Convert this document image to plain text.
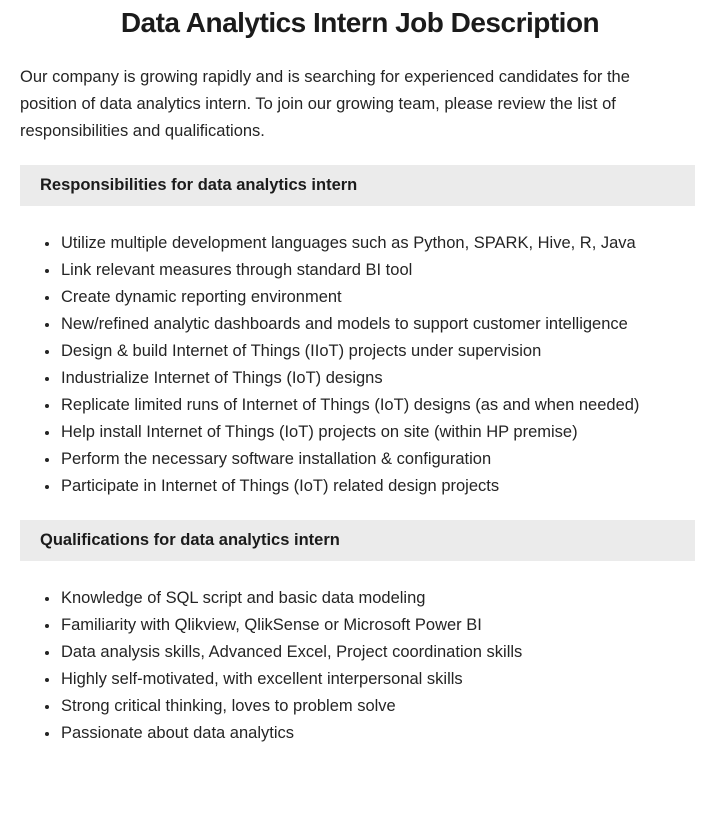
Data Analytics Intern Job Description

Our company is growing rapidly and is searching for experienced candidates for the position of data analytics intern. To join our growing team, please review the list of responsibilities and qualifications.

Responsibilities for data analytics intern
• Utilize multiple development languages such as Python, SPARK, Hive, R, Java
• Link relevant measures through standard BI tool
• Create dynamic reporting environment
• New/refined analytic dashboards and models to support customer intelligence
• Design & build Internet of Things (IIoT) projects under supervision
• Industrialize Internet of Things (IoT) designs
• Replicate limited runs of Internet of Things (IoT) designs (as and when needed)
• Help install Internet of Things (IoT) projects on site (within HP premise)
• Perform the necessary software installation & configuration
• Participate in Internet of Things (IoT) related design projects
Qualifications for data analytics intern
• Knowledge of SQL script and basic data modeling
• Familiarity with Qlikview, QlikSense or Microsoft Power BI
• Data analysis skills, Advanced Excel, Project coordination skills
• Highly self-motivated, with excellent interpersonal skills
• Strong critical thinking, loves to problem solve
• Passionate about data analytics
